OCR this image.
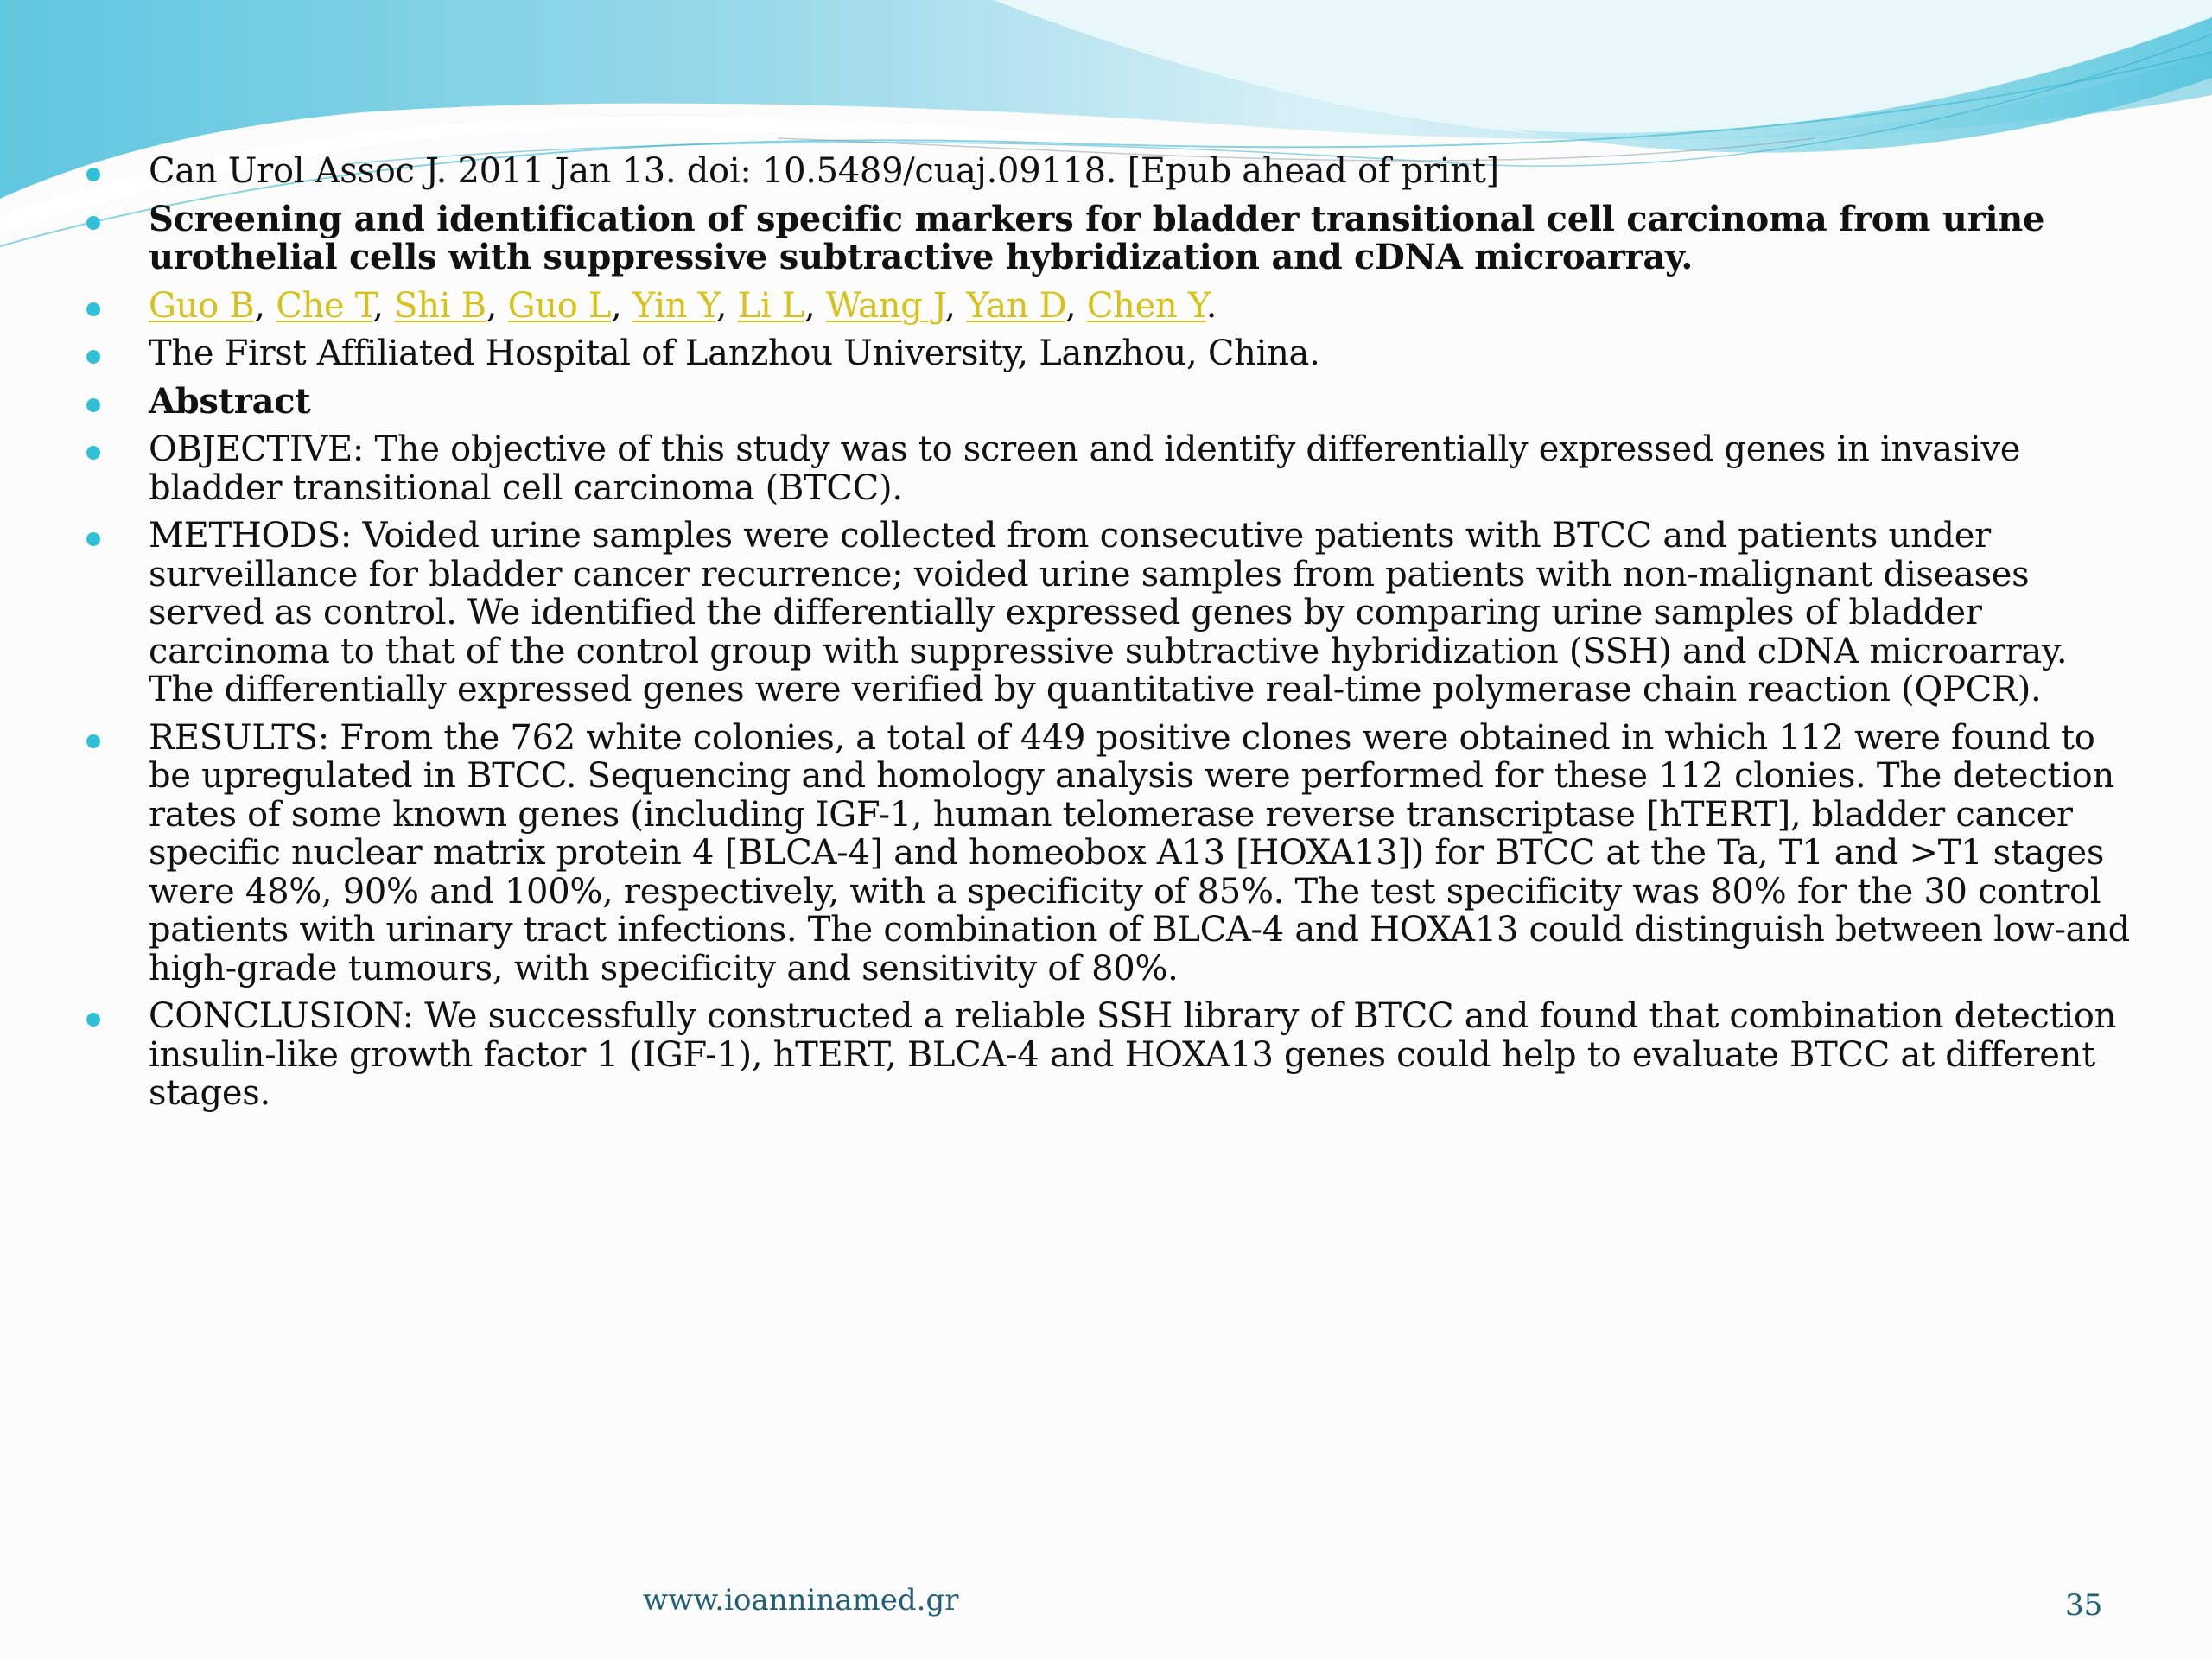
Can Urol Assoc J. 2011 Jan 13. doi: 10.5489/cuaj.09118. [Epub ahead of print]
Screening and identification of specific markers for bladder transitional cell carcinoma from urine urothelial cells with suppressive subtractive hybridization and cDNA microarray.
Guo B, Che T, Shi B, Guo L, Yin Y, Li L, Wang J, Yan D, Chen Y.
The First Affiliated Hospital of Lanzhou University, Lanzhou, China.
Abstract
OBJECTIVE: The objective of this study was to screen and identify differentially expressed genes in invasive bladder transitional cell carcinoma (BTCC).
METHODS: Voided urine samples were collected from consecutive patients with BTCC and patients under surveillance for bladder cancer recurrence; voided urine samples from patients with non-malignant diseases served as control. We identified the differentially expressed genes by comparing urine samples of bladder carcinoma to that of the control group with suppressive subtractive hybridization (SSH) and cDNA microarray. The differentially expressed genes were verified by quantitative real-time polymerase chain reaction (QPCR).
RESULTS: From the 762 white colonies, a total of 449 positive clones were obtained in which 112 were found to be upregulated in BTCC. Sequencing and homology analysis were performed for these 112 clonies. The detection rates of some known genes (including IGF-1, human telomerase reverse transcriptase [hTERT], bladder cancer specific nuclear matrix protein 4 [BLCA-4] and homeobox A13 [HOXA13]) for BTCC at the Ta, T1 and >T1 stages were 48%, 90% and 100%, respectively, with a specificity of 85%. The test specificity was 80% for the 30 control patients with urinary tract infections. The combination of BLCA-4 and HOXA13 could distinguish between low-and high-grade tumours, with specificity and sensitivity of 80%.
CONCLUSION: We successfully constructed a reliable SSH library of BTCC and found that combination detection insulin-like growth factor 1 (IGF-1), hTERT, BLCA-4 and HOXA13 genes could help to evaluate BTCC at different stages.
www.ioanninamed.gr	35
